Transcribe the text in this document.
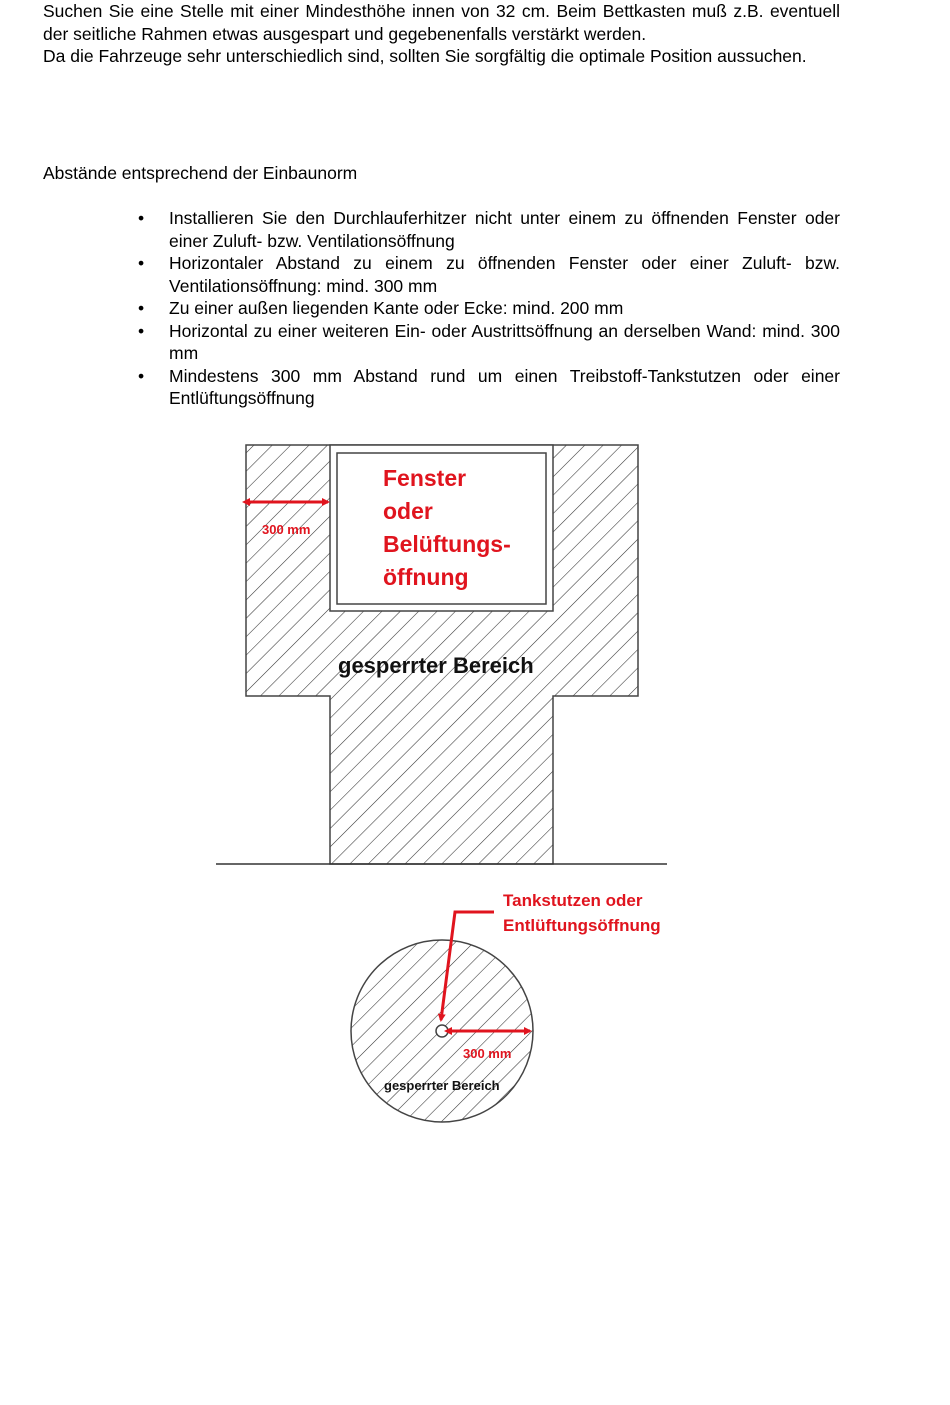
Suchen Sie eine Stelle mit einer Mindesthöhe innen von 32 cm. Beim Bettkasten muß z.B. eventuell der seitliche Rahmen etwas ausgespart und gegebenenfalls verstärkt werden.

Da die Fahrzeuge sehr unterschiedlich sind, sollten Sie sorgfältig die optimale Position aussuchen.

Abstände entsprechend der Einbaunorm
• Installieren Sie den Durchlauferhitzer nicht unter einem zu öffnenden Fenster oder einer Zuluft- bzw. Ventilationsöffnung
• Horizontaler Abstand zu einem zu öffnenden Fenster oder einer Zuluft- bzw. Ventilationsöffnung: mind. 300 mm
• Zu einer außen liegenden Kante oder Ecke: mind. 200 mm
• Horizontal zu einer weiteren Ein- oder Austrittsöffnung an derselben Wand: mind. 300 mm
• Mindestens 300 mm Abstand rund um einen Treibstoff-Tankstutzen oder einer Entlüftungsöffnung
300 mm
Fenster oder Belüftungs- öffnung
gesperrter Bereich
Tankstutzen oder Entlüftungsöffnung
300 mm
gesperrter Bereich
